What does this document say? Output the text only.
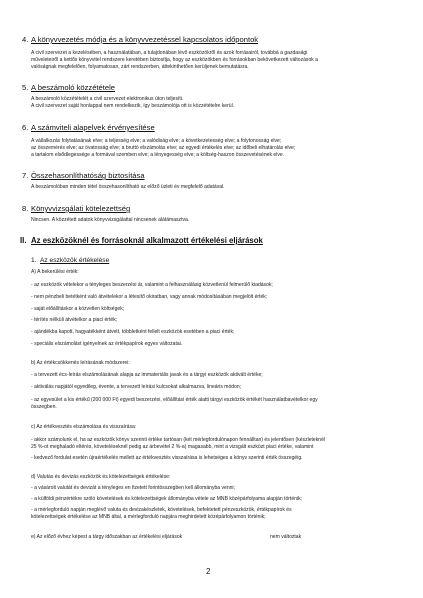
4. A könyvvezetés módja és a könyvvezetéssel kapcsolatos időpontok
A civil szervezet a kezelésében, a használatában, a tulajdonában lévő eszközökről és azok forrásairól, továbbá a gazdasági
műveleteiről a kettős könyvvitel rendszere keretében biztosítja, hogy az eszközökben és forrásokban bekövetkezett változások a
valóságnak megfelelően, folyamatosan, zárt rendszerben, áttekinthetően kerüljenek bemutatásra.
5. A beszámoló közzététele
A beszámoló közzétételét a civil szervezet elektronikus úton teljesíti.
A civil szervezet saját honlappal nem rendelkezik, így beszámolója ott is közzétételre kerül.
6. A számviteli alapelvek érvényesítése
A vállalkozás folytatásának elve; a teljesség elve; a valódiság elve; a következetesség elve; a folytonosság elve;
az összemérés elve; az óvatosság elve; a bruttó elszámolás elve; az egyedi értékelés elve; az időbeli elhatárolás elve;
a tartalom elsődlegessége a formával szemben elve; a lényegesség elve; a költség-haszon összevetésének elve.
7. Összehasonlíthatóság biztosítása
A beszámolóban minden tétel összehasonlítható az előző üzleti év megfelelő adatával.
8. Könyvvizsgálati kötelezettség
Nincsen. A közzétett adatok könyvvizsgálattal nincsenek alátámasztva.
II. Az eszközöknél és forrásoknál alkalmazott értékelési eljárások
1. Az eszközök értékelése
A) A bekerülési érték:
- az eszközök vételekor a tényleges beszerzési ár, valamint a felhasználásig közvetlenül felmerülő kiadások;
- nem pénzbeli betétként való átvételekor a létesítő okiratban, vagy annak módosításában megjelölt érték;
- saját előállításkor a közvetlen költségek;
- térítés nélküli átvételkor a piaci érték;
- ajándékba kapott, hagyatékként átvett, többletként fellelt eszközök esetében a piaci érték;
- speciális elszámolást igényelnek az értékpapírok egyes változatai.
b) Az értékcsökkenés leírásának módszerei:
- a tervezett écs-leírás elszámolásának alapja az immateriális javak és a tárgyi eszközök aktivált értéke;
- aktiválás napjától egyedileg, évente, a tervezett leírási kulcsokat alkalmazva, lineáris módon;
- az egyesület a kis értékű (200 000 Ft) egyedi beszerzési, előállítási érték alatti tárgyi eszközök értékét használatbavételkor egy
összegben.
c) Az értékvesztés elszámolása és visszaírása:
- akkor számolunk el, ha az eszközök könyv szerinti értéke tartósan (két mérlegfordulónapon fennálltan) és jelentősen (készleteknél
25 %-ot meghaladó eltérés, követeléseknél pedig az árbevétel 2 %-a) magasabb, mint a vizsgált eszközt piaci értéke, valamint
- kedvező fordulat esetén újraértékelés mellett az értékvesztés visszaírása is lehetséges a könyv szerinti érték összegéig.
d) Valutás és devizás eszközök és kötelezettségek értékelése:
- a vásárolt valutát és devizát a tényleges en fizetett forintösszegben kell állományba venni;
- a külföldi pénzértékre szóló követelések és kötelezettségek állományba vétele az MNB középárfolyama alapján történik;
- a mérlegforduló napján meglévő valuta és devizakészletek, követelések, befektetett pénzeszközök, értékpapírok és
kötelezettségek értékelése az MNB által, a mérlegforduló napjára meghirdetett középárfolyamon történik;
e) Az előző évhez képest a tárgy időszakban az értékelési eljárások	nem változtak
2
